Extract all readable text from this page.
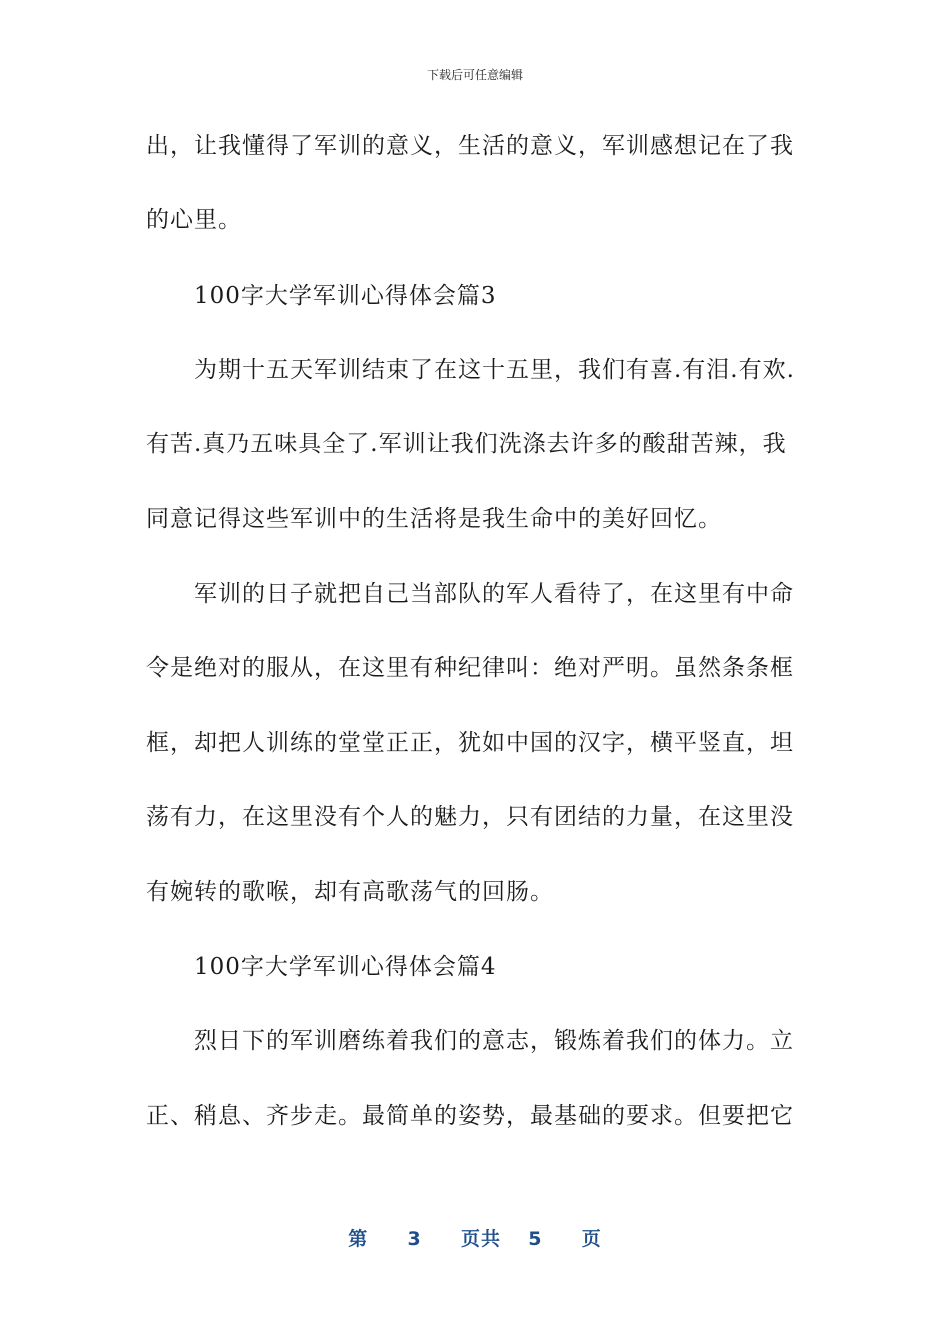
下载后可任意编辑
出，让我懂得了军训的意义，生活的意义，军训感想记在了我
的心里。
100字大学军训心得体会篇3
为期十五天军训结束了在这十五里，我们有喜.有泪.有欢.
有苦.真乃五味具全了.军训让我们洗涤去许多的酸甜苦辣，我
同意记得这些军训中的生活将是我生命中的美好回忆。
军训的日子就把自己当部队的军人看待了，在这里有中命
令是绝对的服从，在这里有种纪律叫：绝对严明。虽然条条框
框，却把人训练的堂堂正正，犹如中国的汉字，横平竖直，坦
荡有力，在这里没有个人的魅力，只有团结的力量，在这里没
有婉转的歌喉，却有高歌荡气的回肠。
100字大学军训心得体会篇4
烈日下的军训磨练着我们的意志，锻炼着我们的体力。立
正、稍息、齐步走。最简单的姿势，最基础的要求。但要把它
第 3 页共 5 页
